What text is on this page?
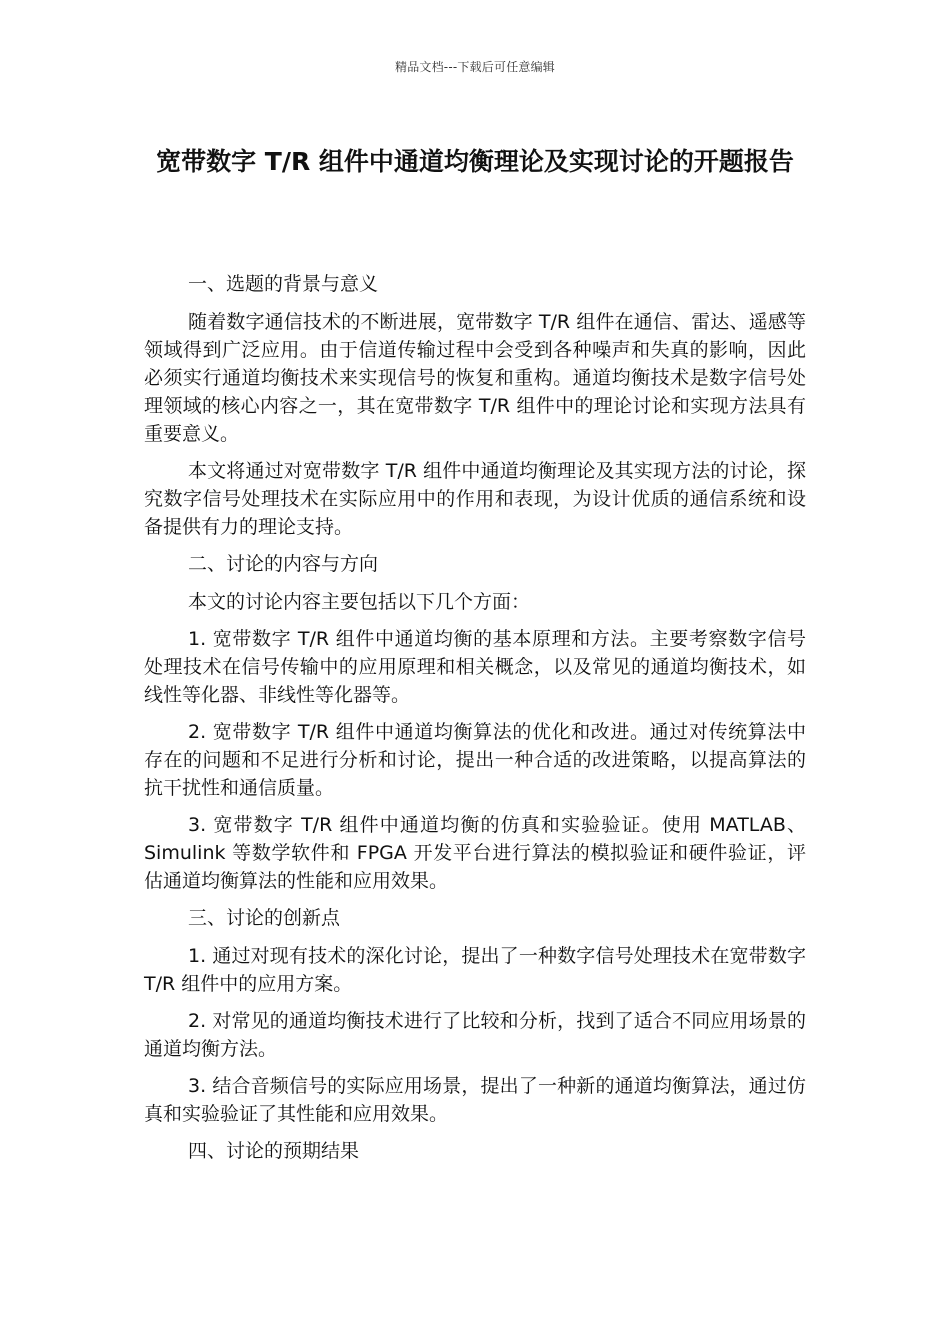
精品文档---下载后可任意编辑
宽带数字 T/R 组件中通道均衡理论及实现讨论的开题报告

一、选题的背景与意义

随着数字通信技术的不断进展，宽带数字 T/R 组件在通信、雷达、遥感等领域得到广泛应用。由于信道传输过程中会受到各种噪声和失真的影响，因此必须实行通道均衡技术来实现信号的恢复和重构。通道均衡技术是数字信号处理领域的核心内容之一，其在宽带数字 T/R 组件中的理论讨论和实现方法具有重要意义。

本文将通过对宽带数字 T/R 组件中通道均衡理论及其实现方法的讨论，探究数字信号处理技术在实际应用中的作用和表现，为设计优质的通信系统和设备提供有力的理论支持。

二、讨论的内容与方向

本文的讨论内容主要包括以下几个方面：

1. 宽带数字 T/R 组件中通道均衡的基本原理和方法。主要考察数字信号处理技术在信号传输中的应用原理和相关概念，以及常见的通道均衡技术，如线性等化器、非线性等化器等。

2. 宽带数字 T/R 组件中通道均衡算法的优化和改进。通过对传统算法中存在的问题和不足进行分析和讨论，提出一种合适的改进策略，以提高算法的抗干扰性和通信质量。

3. 宽带数字 T/R 组件中通道均衡的仿真和实验验证。使用 MATLAB、Simulink 等数学软件和 FPGA 开发平台进行算法的模拟验证和硬件验证，评估通道均衡算法的性能和应用效果。

三、讨论的创新点

1. 通过对现有技术的深化讨论，提出了一种数字信号处理技术在宽带数字 T/R 组件中的应用方案。

2. 对常见的通道均衡技术进行了比较和分析，找到了适合不同应用场景的通道均衡方法。

3. 结合音频信号的实际应用场景，提出了一种新的通道均衡算法，通过仿真和实验验证了其性能和应用效果。

四、讨论的预期结果
